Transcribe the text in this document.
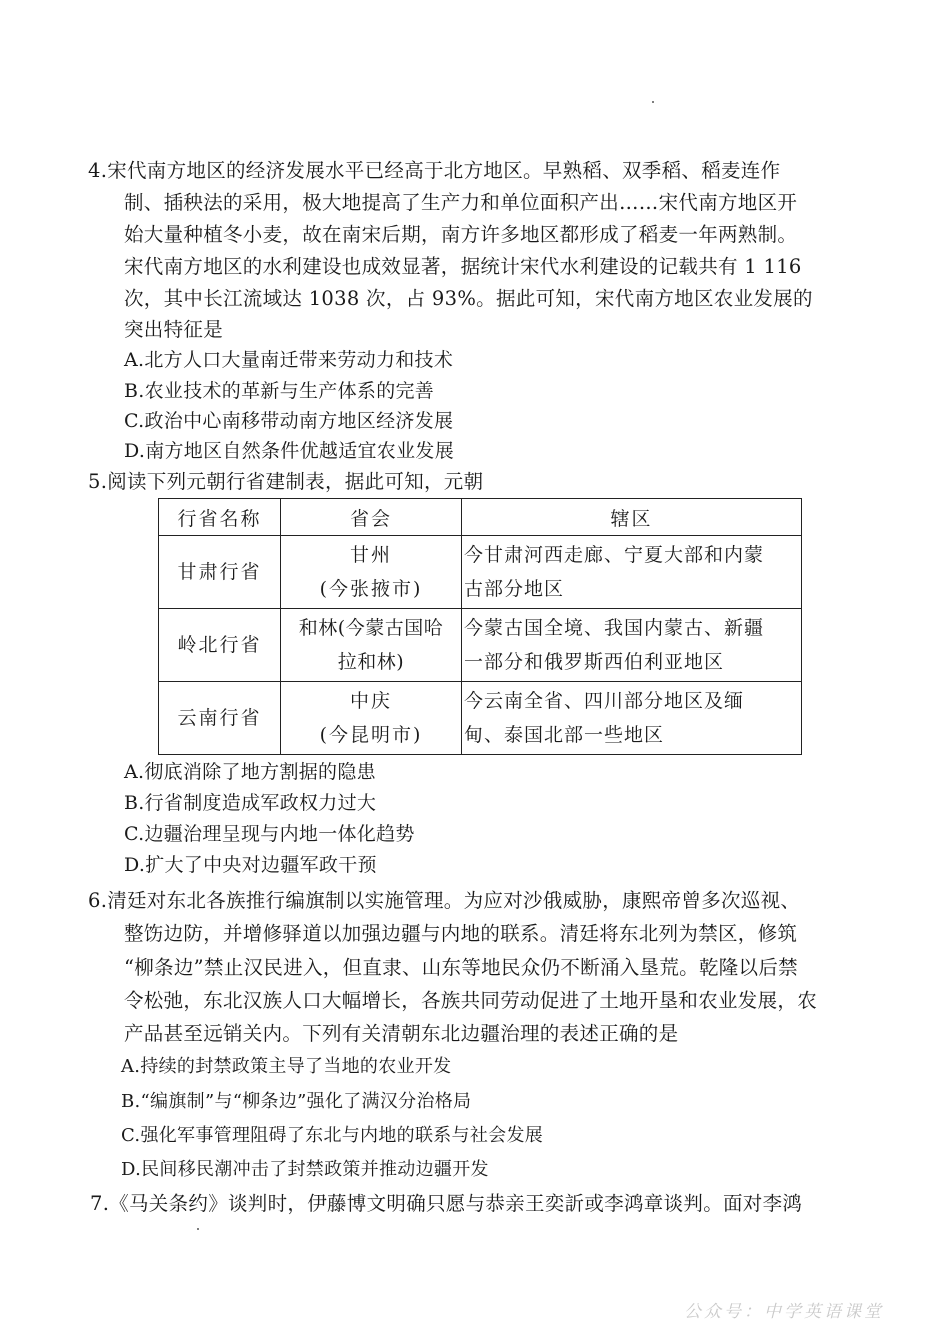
4.宋代南方地区的经济发展水平已经高于北方地区。早熟稻、双季稻、稻麦连作
制、插秧法的采用，极大地提高了生产力和单位面积产出……宋代南方地区开
始大量种植冬小麦，故在南宋后期，南方许多地区都形成了稻麦一年两熟制。
宋代南方地区的水利建设也成效显著，据统计宋代水利建设的记载共有 1 116
次，其中长江流域达 1038 次，占 93%。据此可知，宋代南方地区农业发展的
突出特征是
A.北方人口大量南迁带来劳动力和技术
B.农业技术的革新与生产体系的完善
C.政治中心南移带动南方地区经济发展
D.南方地区自然条件优越适宜农业发展
5.阅读下列元朝行省建制表，据此可知，元朝
行省名称	省会	辖区
甘肃行省	甘州
(今张掖市)	今甘肃河西走廊、宁夏大部和内蒙
古部分地区

岭北行省	和林(今蒙古国哈
拉和林)	今蒙古国全境、我国内蒙古、新疆
一部分和俄罗斯西伯利亚地区

云南行省	中庆
(今昆明市)	今云南全省、四川部分地区及缅
甸、泰国北部一些地区
A.彻底消除了地方割据的隐患
B.行省制度造成军政权力过大
C.边疆治理呈现与内地一体化趋势
D.扩大了中央对边疆军政干预
6.清廷对东北各族推行编旗制以实施管理。为应对沙俄威胁，康熙帝曾多次巡视、
整饬边防，并增修驿道以加强边疆与内地的联系。清廷将东北列为禁区，修筑
“柳条边”禁止汉民进入，但直隶、山东等地民众仍不断涌入垦荒。乾隆以后禁
令松弛，东北汉族人口大幅增长，各族共同劳动促进了土地开垦和农业发展，农
产品甚至远销关内。下列有关清朝东北边疆治理的表述正确的是
A.持续的封禁政策主导了当地的农业开发
B.“编旗制”与“柳条边”强化了满汉分治格局
C.强化军事管理阻碍了东北与内地的联系与社会发展
D.民间移民潮冲击了封禁政策并推动边疆开发
7.《马关条约》谈判时，伊藤博文明确只愿与恭亲王奕訢或李鸿章谈判。面对李鸿
公众号：中学英语课堂
